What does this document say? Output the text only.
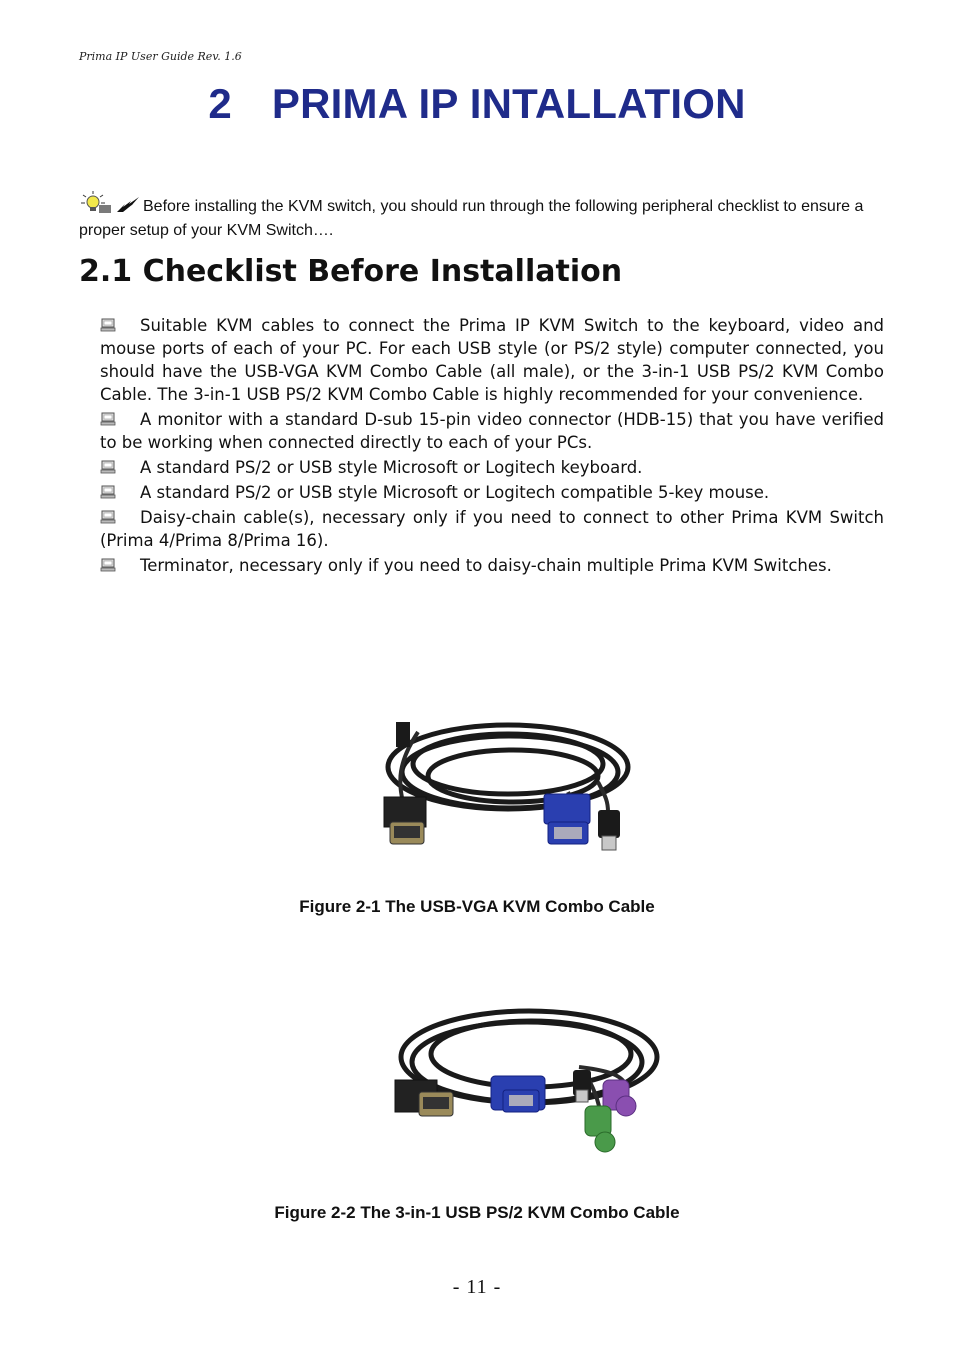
Prima IP User Guide Rev. 1.6
2 PRIMA IP INTALLATION
Before installing the KVM switch, you should run through the following peripheral checklist to ensure a proper setup of your KVM Switch….
2.1 Checklist Before Installation
Suitable KVM cables to connect the Prima IP KVM Switch to the keyboard, video and mouse ports of each of your PC. For each USB style (or PS/2 style) computer connected, you should have the USB-VGA KVM Combo Cable (all male), or the 3-in-1 USB PS/2 KVM Combo Cable. The 3-in-1 USB PS/2 KVM Combo Cable is highly recommended for your convenience.
A monitor with a standard D-sub 15-pin video connector (HDB-15) that you have verified to be working when connected directly to each of your PCs.
A standard PS/2 or USB style Microsoft or Logitech keyboard.
A standard PS/2 or USB style Microsoft or Logitech compatible 5-key mouse.
Daisy-chain cable(s), necessary only if you need to connect to other Prima KVM Switch (Prima 4/Prima 8/Prima 16).
Terminator, necessary only if you need to daisy-chain multiple Prima KVM Switches.
Figure 2-1 The USB-VGA KVM Combo Cable
Figure 2-2 The 3-in-1 USB PS/2 KVM Combo Cable
- 11 -
